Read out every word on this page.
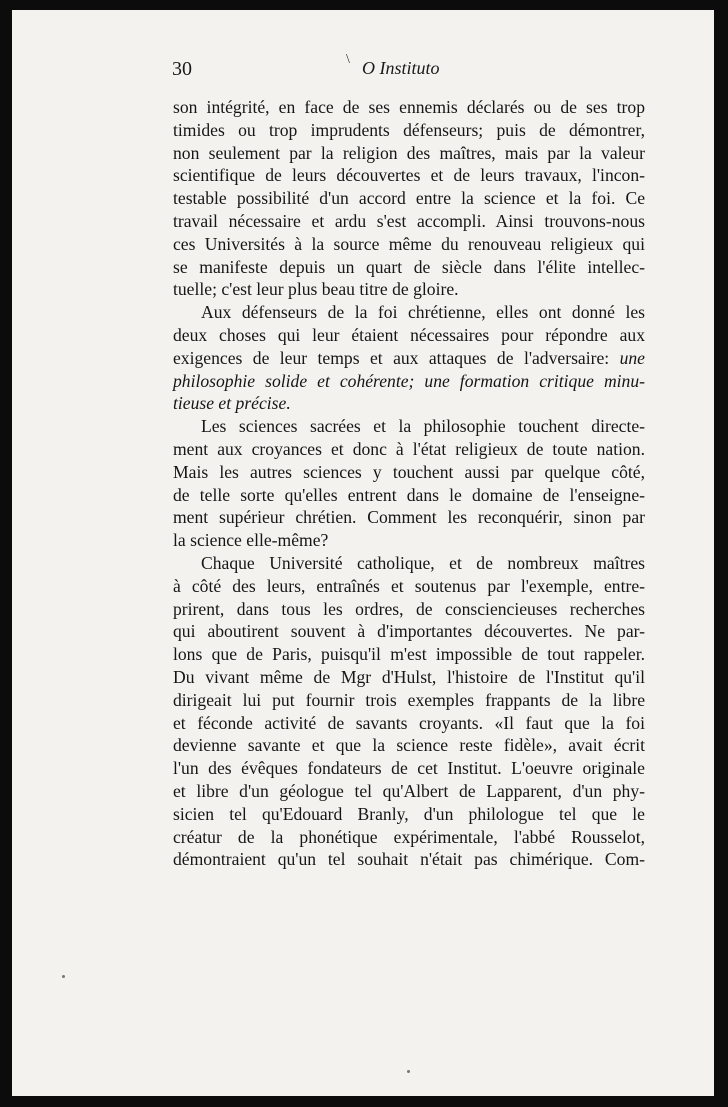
30	\ O Instituto

son intégrité, en face de ses ennemis déclarés ou de ses trop
timides ou trop imprudents défenseurs; puis de démontrer,
non seulement par la religion des maîtres, mais par la valeur
scientifique de leurs découvertes et de leurs travaux, l'incon-
testable possibilité d'un accord entre la science et la foi. Ce
travail nécessaire et ardu s'est accompli. Ainsi trouvons-nous
ces Universités à la source même du renouveau religieux qui
se manifeste depuis un quart de siècle dans l'élite intellec-
tuelle; c'est leur plus beau titre de gloire.

Aux défenseurs de la foi chrétienne, elles ont donné les
deux choses qui leur étaient nécessaires pour répondre aux
exigences de leur temps et aux attaques de l'adversaire: une
philosophie solide et cohérente; une formation critique minu-
tieuse et précise.

Les sciences sacrées et la philosophie touchent directe-
ment aux croyances et donc à l'état religieux de toute nation.
Mais les autres sciences y touchent aussi par quelque côté,
de telle sorte qu'elles entrent dans le domaine de l'enseigne-
ment supérieur chrétien. Comment les reconquérir, sinon par
la science elle-même?

Chaque Université catholique, et de nombreux maîtres
à côté des leurs, entraînés et soutenus par l'exemple, entre-
prirent, dans tous les ordres, de consciencieuses recherches
qui aboutirent souvent à d'importantes découvertes. Ne par-
lons que de Paris, puisqu'il m'est impossible de tout rappeler.
Du vivant même de Mgr d'Hulst, l'histoire de l'Institut qu'il
dirigeait lui put fournir trois exemples frappants de la libre
et féconde activité de savants croyants. «Il faut que la foi
devienne savante et que la science reste fidèle», avait écrit
l'un des évêques fondateurs de cet Institut. L'oeuvre originale
et libre d'un géologue tel qu'Albert de Lapparent, d'un phy-
sicien tel qu'Edouard Branly, d'un philologue tel que le
créatur de la phonétique expérimentale, l'abbé Rousselot,
démontraient qu'un tel souhait n'était pas chimérique. Com-
